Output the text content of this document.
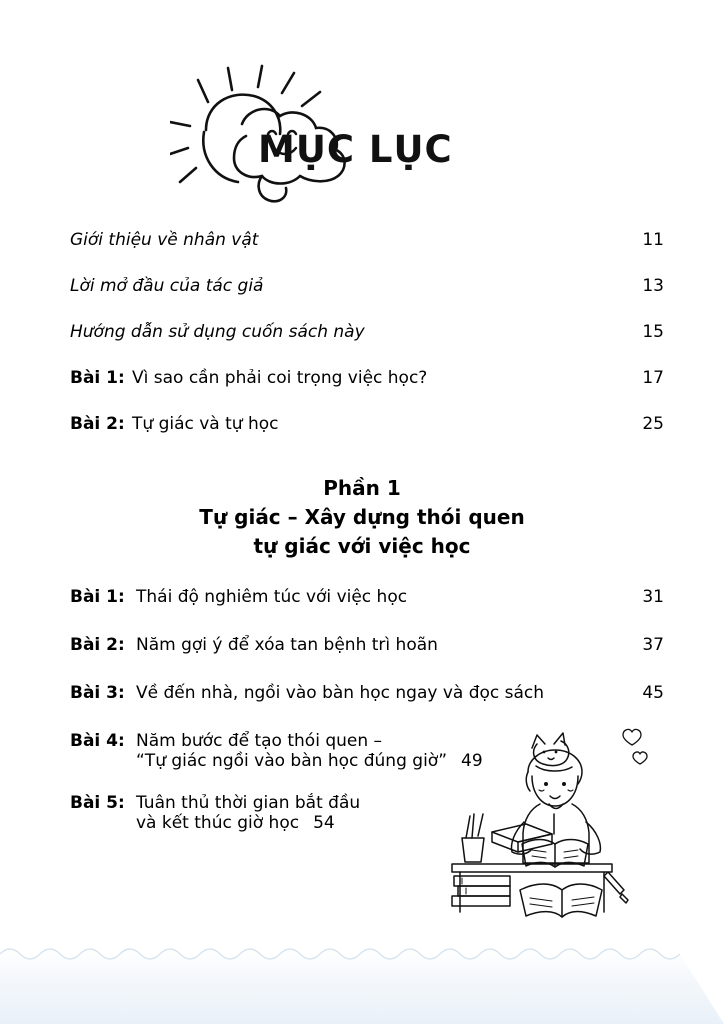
MỤC LỤC
Giới thiệu về nhân vật	11
Lời mở đầu của tác giả	13
Hướng dẫn sử dụng cuốn sách này	15
Bài 1: Vì sao cần phải coi trọng việc học?	17
Bài 2: Tự giác và tự học	25
Phần 1
Tự giác – Xây dựng thói quen
tự giác với việc học
Bài 1: Thái độ nghiêm túc với việc học	31
Bài 2: Năm gợi ý để xóa tan bệnh trì hoãn	37
Bài 3: Về đến nhà, ngồi vào bàn học ngay và đọc sách	45
Bài 4: Năm bước để tạo thói quen –
“Tự giác ngồi vào bàn học đúng giờ” 49
Bài 5: Tuân thủ thời gian bắt đầu
và kết thúc giờ học 54
